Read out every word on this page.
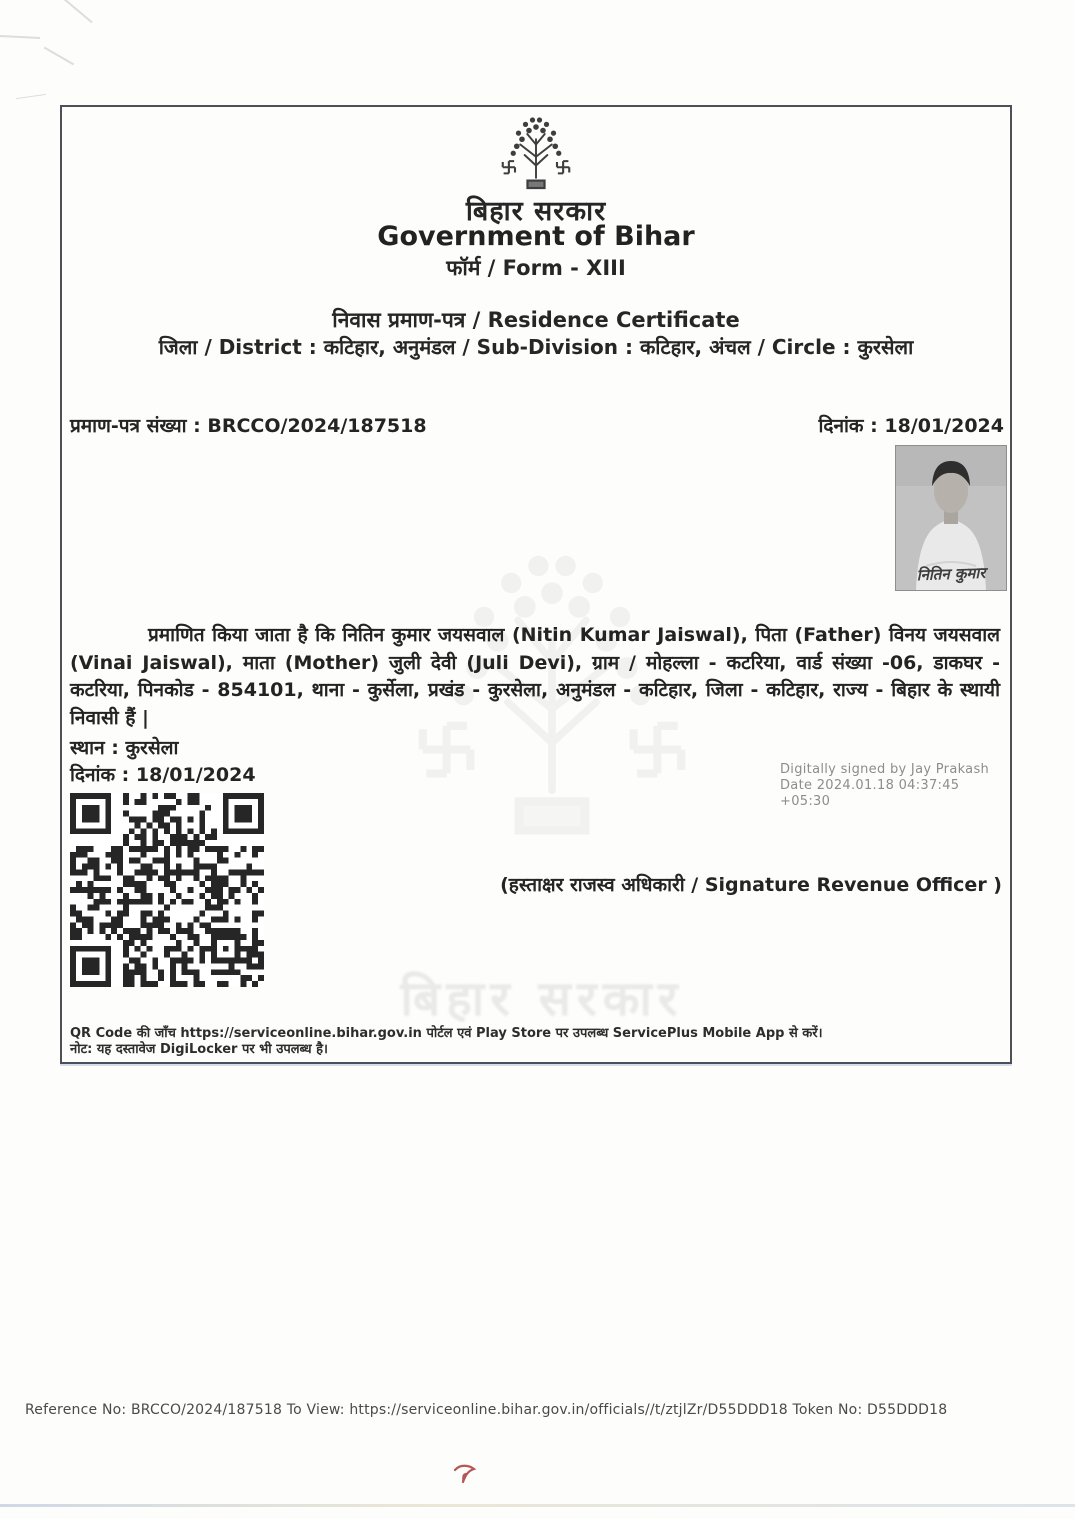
बिहार सरकार
बिहार सरकार
Government of Bihar
फॉर्म / Form - XIII
निवास प्रमाण-पत्र / Residence Certificate
जिला / District : कटिहार, अनुमंडल / Sub-Division : कटिहार, अंचल / Circle : कुरसेला
प्रमाण-पत्र संख्या : BRCCO/2024/187518	दिनांक : 18/01/2024
नितिन कुमार
प्रमाणित किया जाता है कि नितिन कुमार जयसवाल (Nitin Kumar Jaiswal), पिता (Father) विनय जयसवाल (Vinai Jaiswal), माता (Mother) जुली देवी (Juli Devi), ग्राम / मोहल्ला - कटरिया, वार्ड संख्या -06, डाकघर - कटरिया, पिनकोड - 854101, थाना - कुर्सेला, प्रखंड - कुरसेला, अनुमंडल - कटिहार, जिला - कटिहार, राज्य - बिहार के स्थायी निवासी हैं |
स्थान : कुरसेला
दिनांक : 18/01/2024	Digitally signed by Jay Prakash
Date 2024.01.18 04:37:45 +05:30
(हस्ताक्षर राजस्व अधिकारी / Signature Revenue Officer )
QR Code की जाँच https://serviceonline.bihar.gov.in पोर्टल एवं Play Store पर उपलब्ध ServicePlus Mobile App से करें।
नोट: यह दस्तावेज DigiLocker पर भी उपलब्ध है।
Reference No: BRCCO/2024/187518 To View: https://serviceonline.bihar.gov.in/officials//t/ztjlZr/D55DDD18 Token No: D55DDD18
